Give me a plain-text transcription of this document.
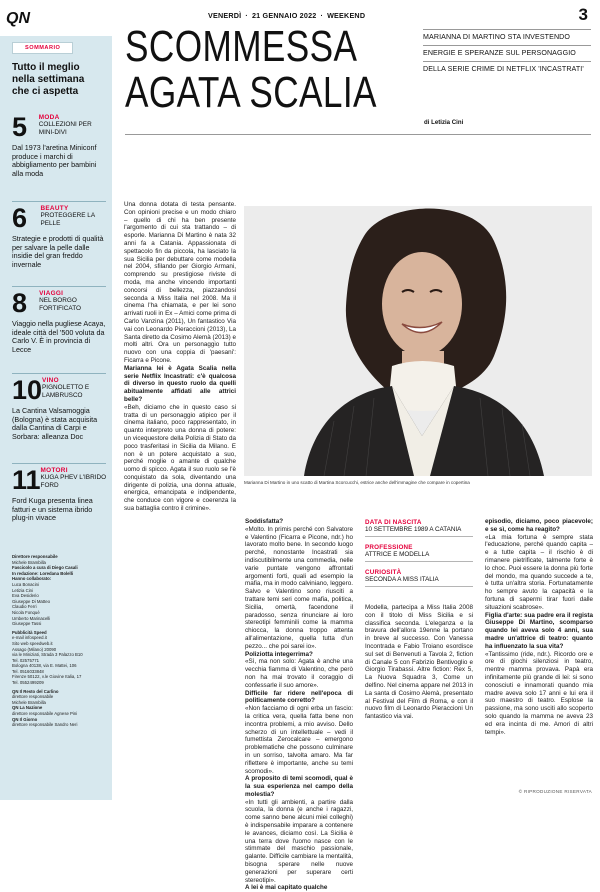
QN	VENERDÌ · 21 GENNAIO 2022 · WEEKEND	3
SOMMARIO
Tutto il meglio nella settimana che ci aspetta
5	MODA
COLLEZIONI PER MINI-DIVI
Dal 1973 l'aretina Miniconf produce i marchi di abbigliamento per bambini alla moda
6	BEAUTY
PROTEGGERE LA PELLE
Strategie e prodotti di qualità per salvare la pelle dalle insidie del gran freddo invernale
8	VIAGGI
NEL BORGO FORTIFICATO
Viaggio nella pugliese Acaya, ideale città del '500 voluta da Carlo V. È in provincia di Lecce
10 VINO
PIGNOLETTO E LAMBRUSCO
La Cantina Valsamoggia (Bologna) è stata acquisita dalla Cantina di Carpi e Sorbara: alleanza Doc
11 MOTORI
KUGA PHEV L'IBRIDO FORD
Ford Kuga presenta linea fatturi e un sistema ibrido plug-in vivace
Direttore responsabile
Michele Brambilla
Fascicolo a cura di Diego Casali
In redazione: Loredana Bolelli
Hanno collaborato:
Luca Bonacini
Letizia Cini
Eva Desiderio
Giuseppe Di Matteo
Claudio Ferri
Nicola Fonquè
Umberto Marinacelli
Giuseppe Tassi
Pubblicità Speed
e-mail infospeed.it
Sito web speedweb.it
Assago (Milano) 20090
via le Miniziati, Strada 3 Palazzo B10
Tel. 02575771
Bologna 40138, via E. Mattei, 106
Tel. 0516033848
Firenze 50122, v.le Giovine Italia, 17
Tel. 0552499209
QN Il Resto del Carlino
direttore responsabile
Michele Brambilla
QN La Nazione
direttore responsabile Agnese Pini
QN Il Giorno
direttore responsabile Sandro Neri
SCOMMESSA
AGATA SCALIA
MARIANNA DI MARTINO STA INVESTENDO
ENERGIE E SPERANZE SUL PERSONAGGIO
DELLA SERIE CRIME DI NETFLIX 'INCASTRATI'
di Letizia Cini
Marianna Di Martino in uno scatto di Martina Scorcucchi, estrice anche dell'immagine che compare in copertina

Una donna dotata di testa pensante. Con opinioni precise e un modo chiaro – quello di chi ha ben presente l'argomento di cui sta trattando – di esporle. Marianna Di Martino è nata 32 anni fa a Catania. Appassionata di spettacolo fin da piccola, ha lasciato la sua Sicilia per debuttare come modella nel 2004, sfilando per Giorgio Armani, comprendo su prestigiose riviste di moda, ma anche vincendo importanti concorsi di bellezza, piazzandosi seconda a Miss Italia nel 2008. Ma il cinema l'ha chiamata, e per lei sono arrivati ruoli in Ex – Amici come prima di Carlo Vanzina (2011), Un fantastico Via vai con Leonardo Pieraccioni (2013), La Santa diretto da Cosimo Alemà (2013) e molti altri. Ora un personaggio tutto nuovo con una coppia di 'paesani': Ficarra e Picone.

Marianna lei è Agata Scalia nella serie Netflix Incastrati: c'è qualcosa di diverso in questo ruolo da quelli abitualmente affidati alle attrici belle?

«Beh, diciamo che in questo caso si tratta di un personaggio atipico per il cinema italiano, poco rappresentato, in quanto interpreto una donna di potere: un vicequestore della Polizia di Stato da poco trasferitasi in Sicilia da Milano. E non è un potere acquistato a suo, perché moglie o amante di qualche uomo di spicco. Agata il suo ruolo se l'è conquistato da sola, diventando una dirigente di polizia, una donna attuale, energica, emancipata e indipendente, che conduce con vigore e coerenza la sua battaglia contro il crimine».

Soddisfatta?

«Molto. In primis perché con Salvatore e Valentino (Ficarra e Picone, ndr.) ho lavorato molto bene. In secondo luogo perché, nonostante Incastrati sia indiscutibilmente una commedia, nelle varie puntate vengono affrontati argomenti forti, quali ad esempio la mafia, ma in modo calviniano, leggero. Salvo e Valentino sono riusciti a trattare temi seri come mafia, politica, Sicilia, omertà, facendone il paradosso, senza rinunciare ai loro stereotipi femminili come la mamma chiocca, la donna troppo attenta all'alimentazione, quella tutta d'un pezzo... che poi sarei io».

Poliziotta integerrima?

«Sì, ma non solo: Agata è anche una vecchia fiamma di Valentino, che però non ha mai trovato il coraggio di confessarle il suo amore».

Difficile far ridere nell'epoca di politicamente corretto?

«Non facciamo di ogni erba un fascio: la critica vera, quella fatta bene non incontra problemi, a mio avviso. Dello scherzo di un intellettuale – vedi il fumettista Zerocalcare – emergono problematiche che possono culminare in un sorriso, talvolta amaro. Ma far riflettere è importante, anche su temi scomodi».

A proposito di temi scomodi, qual è la sua esperienza nel campo della molestia?

«In tutti gli ambienti, a partire dalla scuola, la donna (e anche i ragazzi, come sanno bene alcuni miei colleghi) è indispensabile imparare a contenere le avances, diciamo così. La Sicilia è una terra dove l'uomo nasce con le stimmate del maschio passionale, galante. Difficile cambiare la mentalità, bisogna sperare nelle nuove generazioni per superare certi stereotipi».

A lei è mai capitato qualche

DATA DI NASCITA
10 SETTEMBRE 1989 A CATANIA
PROFESSIONE
ATTRICE E MODELLA
CURIOSITÀ
SECONDA A MISS ITALIA

Modella, partecipa a Miss Italia 2008 con il titolo di Miss Sicilia e si classifica seconda. L'eleganza e la bravura dell'allora 19enne la portano in breve al successo. Con Vanessa Incontrada e Fabio Troiano esordisce sul set di Benvenuti a Tavola 2, fiction di Canale 5 con Fabrizio Bentivoglio e Giorgio Tirabassi. Altre fiction: Rex 5, La Nuova Squadra 3, Come un delfino. Nel cinema appare nel 2013 in La santa di Cosimo Alemà, presentato al Festival del Film di Roma, e con il nuovo film di Leonardo Pieraccioni Un fantastico via vai.

episodio, diciamo, poco piacevole; e se sì, come ha reagito?

«La mia fortuna è sempre stata l'educazione, perché quando capita – e a tutte capita – il rischio è di rimanere pietrificate, talmente forte è lo choc. Puoi essere la donna più forte del mondo, ma quando succede a te, è tutta un'altra storia. Fortunatamente ho sempre avuto la capacità e la fortuna di sapermi tirar fuori dalle situazioni scabrose».

Figlia d'arte: sua padre era il regista Giuseppe Di Martino, scomparso quando lei aveva solo 4 anni, sua madre un'attrice di teatro: quanto ha influenzato la sua vita?

«Tantissimo (ride, ndr.). Ricordo ore e ore di giochi silenziosi in teatro, mentre mamma provava. Papà era infinitamente più grande di lei: si sono conosciuti e innamorati quando mia madre aveva solo 17 anni e lui era il suo maestro di teatro. Esplose la passione, ma sono usciti allo scoperto solo quando la mamma ne aveva 23 ed era incinta di me. Amori di altri tempi».

© RIPRODUZIONE RISERVATA
